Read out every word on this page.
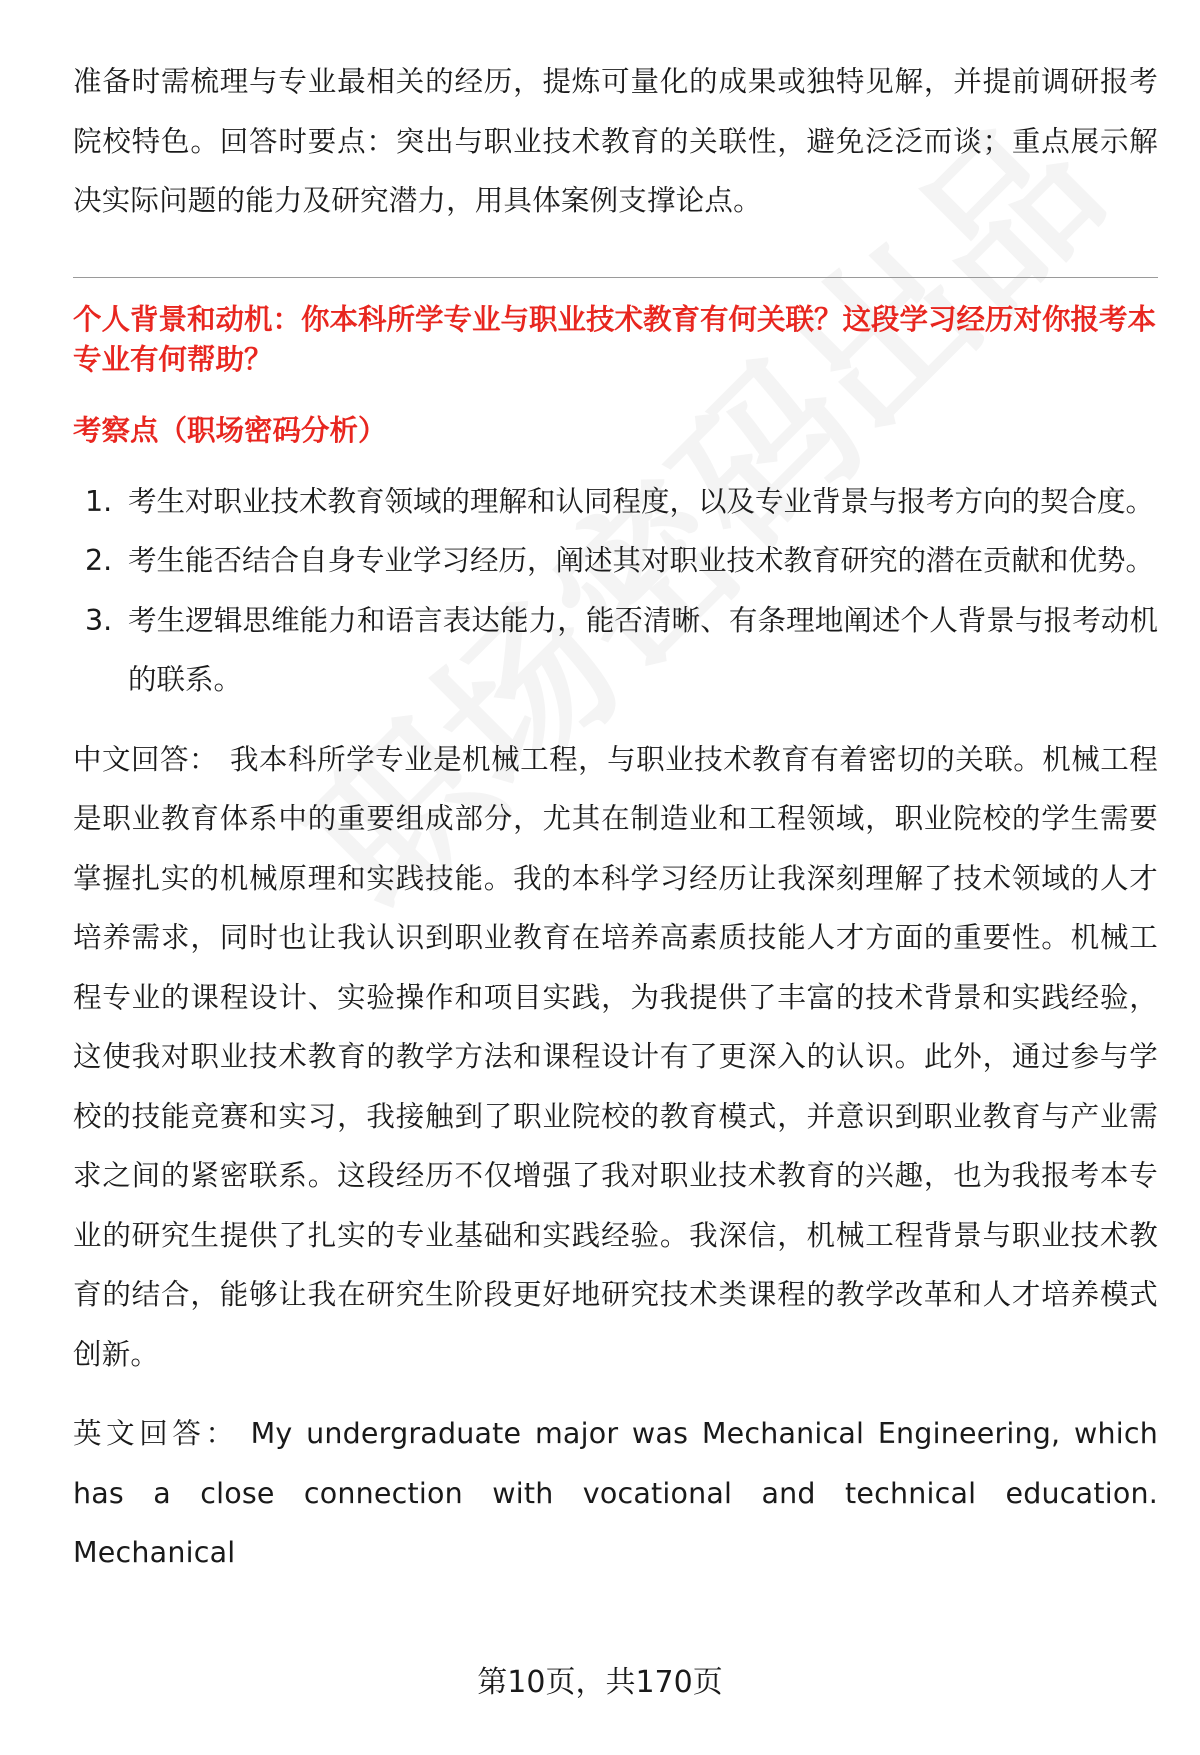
准备时需梳理与专业最相关的经历，提炼可量化的成果或独特见解，并提前调研报考院校特色。回答时要点：突出与职业技术教育的关联性，避免泛泛而谈；重点展示解决实际问题的能力及研究潜力，用具体案例支撑论点。

个人背景和动机：你本科所学专业与职业技术教育有何关联？这段学习经历对你报考本专业有何帮助？

考察点（职场密码分析）

1. 考生对职业技术教育领域的理解和认同程度，以及专业背景与报考方向的契合度。
2. 考生能否结合自身专业学习经历，阐述其对职业技术教育研究的潜在贡献和优势。
3. 考生逻辑思维能力和语言表达能力，能否清晰、有条理地阐述个人背景与报考动机的联系。

中文回答： 我本科所学专业是机械工程，与职业技术教育有着密切的关联。机械工程是职业教育体系中的重要组成部分，尤其在制造业和工程领域，职业院校的学生需要掌握扎实的机械原理和实践技能。我的本科学习经历让我深刻理解了技术领域的人才培养需求，同时也让我认识到职业教育在培养高素质技能人才方面的重要性。机械工程专业的课程设计、实验操作和项目实践，为我提供了丰富的技术背景和实践经验，这使我对职业技术教育的教学方法和课程设计有了更深入的认识。此外，通过参与学校的技能竞赛和实习，我接触到了职业院校的教育模式，并意识到职业教育与产业需求之间的紧密联系。这段经历不仅增强了我对职业技术教育的兴趣，也为我报考本专业的研究生提供了扎实的专业基础和实践经验。我深信，机械工程背景与职业技术教育的结合，能够让我在研究生阶段更好地研究技术类课程的教学改革和人才培养模式创新。

英文回答： My undergraduate major was Mechanical Engineering, which has a close connection with vocational and technical education. Mechanical

第10页，共170页
